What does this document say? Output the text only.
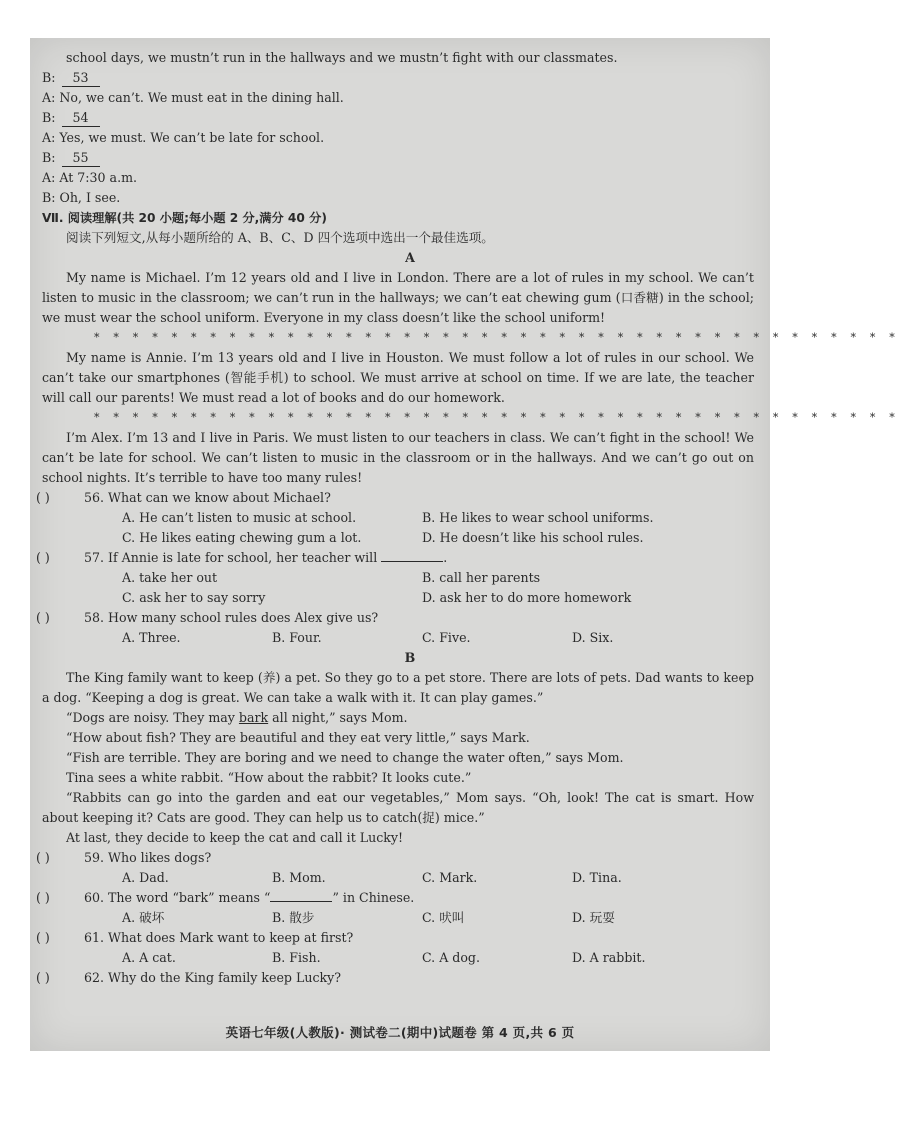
school days, we mustn’t run in the hallways and we mustn’t fight with our classmates.
B: 53
A: No, we can’t. We must eat in the dining hall.
B: 54
A: Yes, we must. We can’t be late for school.
B: 55
A: At 7:30 a.m.
B: Oh, I see.
Ⅶ. 阅读理解(共 20 小题;每小题 2 分,满分 40 分)
阅读下列短文,从每小题所给的 A、B、C、D 四个选项中选出一个最佳选项。
A

My name is Michael. I’m 12 years old and I live in London. There are a lot of rules in my school. We can’t listen to music in the classroom; we can’t run in the hallways; we can’t eat chewing gum (口香糖) in the school; we must wear the school uniform. Everyone in my class doesn’t like the school uniform!

* * * * * * * * * * * * * * * * * * * * * * * * * * * * * * * * * * * * * * * * * *

My name is Annie. I’m 13 years old and I live in Houston. We must follow a lot of rules in our school. We can’t take our smartphones (智能手机) to school. We must arrive at school on time. If we are late, the teacher will call our parents! We must read a lot of books and do our homework.

* * * * * * * * * * * * * * * * * * * * * * * * * * * * * * * * * * * * * * * * * *

I’m Alex. I’m 13 and I live in Paris. We must listen to our teachers in class. We can’t fight in the school! We can’t be late for school. We can’t listen to music in the classroom or in the hallways. And we can’t go out on school nights. It’s terrible to have too many rules!

( )	56. What can we know about Michael?
A. He can’t listen to music at school.	B. He likes to wear school uniforms.
C. He likes eating chewing gum a lot.	D. He doesn’t like his school rules.
( )	57. If Annie is late for school, her teacher will	.
A. take her out	B. call her parents
C. ask her to say sorry	D. ask her to do more homework
( )	58. How many school rules does Alex give us?
A. Three.	B. Four.	C. Five.	D. Six.
B

The King family want to keep (养) a pet. So they go to a pet store. There are lots of pets. Dad wants to keep a dog. “Keeping a dog is great. We can take a walk with it. It can play games.”

“Dogs are noisy. They may bark all night,” says Mom.
“How about fish? They are beautiful and they eat very little,” says Mark.
“Fish are terrible. They are boring and we need to change the water often,” says Mom.
Tina sees a white rabbit. “How about the rabbit? It looks cute.”

“Rabbits can go into the garden and eat our vegetables,” Mom says. “Oh, look! The cat is smart. How about keeping it? Cats are good. They can help us to catch(捉) mice.”

At last, they decide to keep the cat and call it Lucky!
( )	59. Who likes dogs?
A. Dad.	B. Mom.	C. Mark.	D. Tina.
( )	60. The word “bark” means “	” in Chinese.
A. 破坏	B. 散步	C. 吠叫	D. 玩耍
( )	61. What does Mark want to keep at first?
A. A cat.	B. Fish.	C. A dog.	D. A rabbit.
( )	62. Why do the King family keep Lucky?
英语七年级(人教版)· 测试卷二(期中)试题卷 第 4 页,共 6 页
